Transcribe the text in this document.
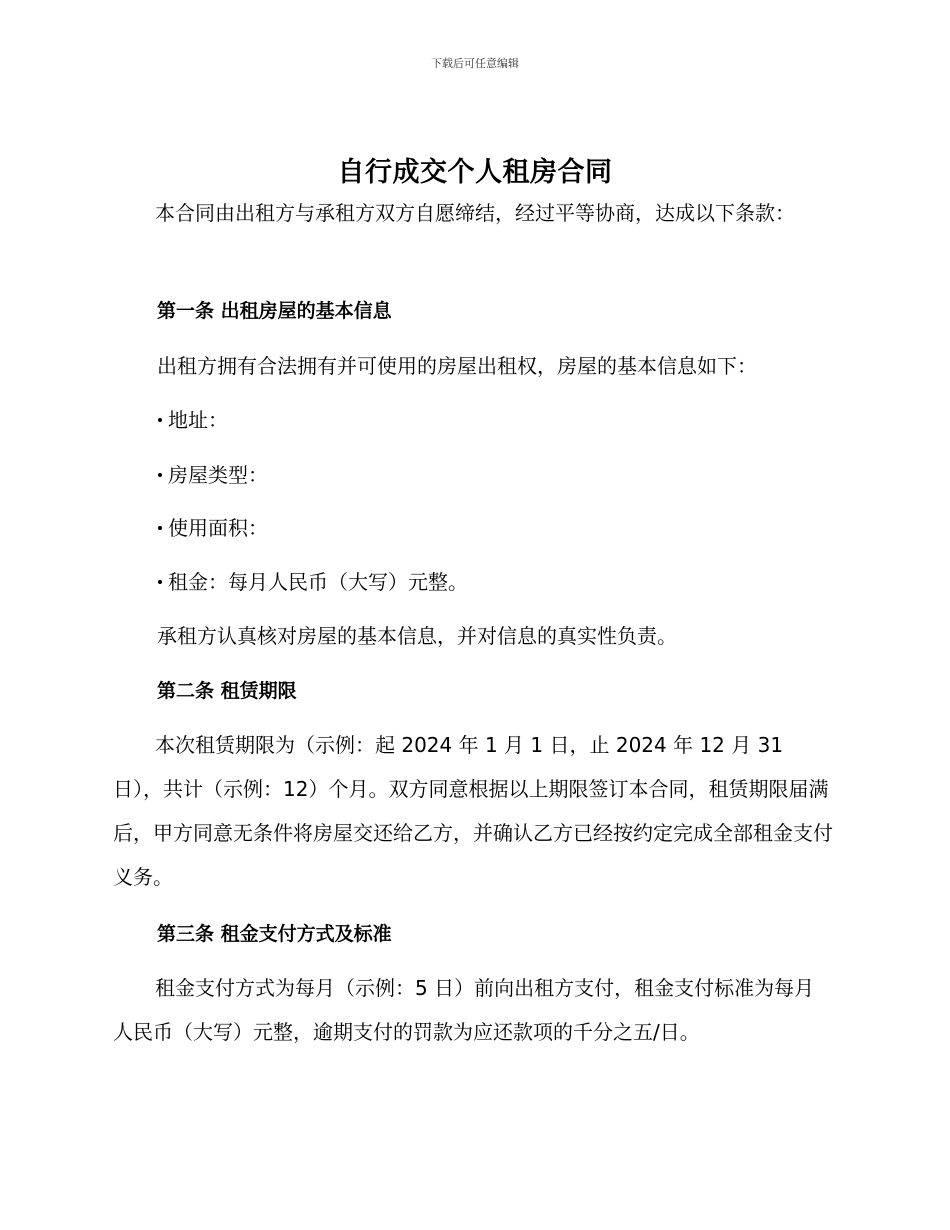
下载后可任意编辑
自行成交个人租房合同

本合同由出租方与承租方双方自愿缔结，经过平等协商，达成以下条款：

第一条 出租房屋的基本信息
出租方拥有合法拥有并可使用的房屋出租权，房屋的基本信息如下：
地址：
房屋类型：
使用面积：
租金：每月人民币（大写）元整。
承租方认真核对房屋的基本信息，并对信息的真实性负责。
第二条 租赁期限

本次租赁期限为（示例：起 2024 年 1 月 1 日，止 2024 年 12 月 31 日），共计（示例：12）个月。双方同意根据以上期限签订本合同，租赁期限届满后，甲方同意无条件将房屋交还给乙方，并确认乙方已经按约定完成全部租金支付义务。

第三条 租金支付方式及标准

租金支付方式为每月（示例：5 日）前向出租方支付，租金支付标准为每月人民币（大写）元整，逾期支付的罚款为应还款项的千分之五/日。
